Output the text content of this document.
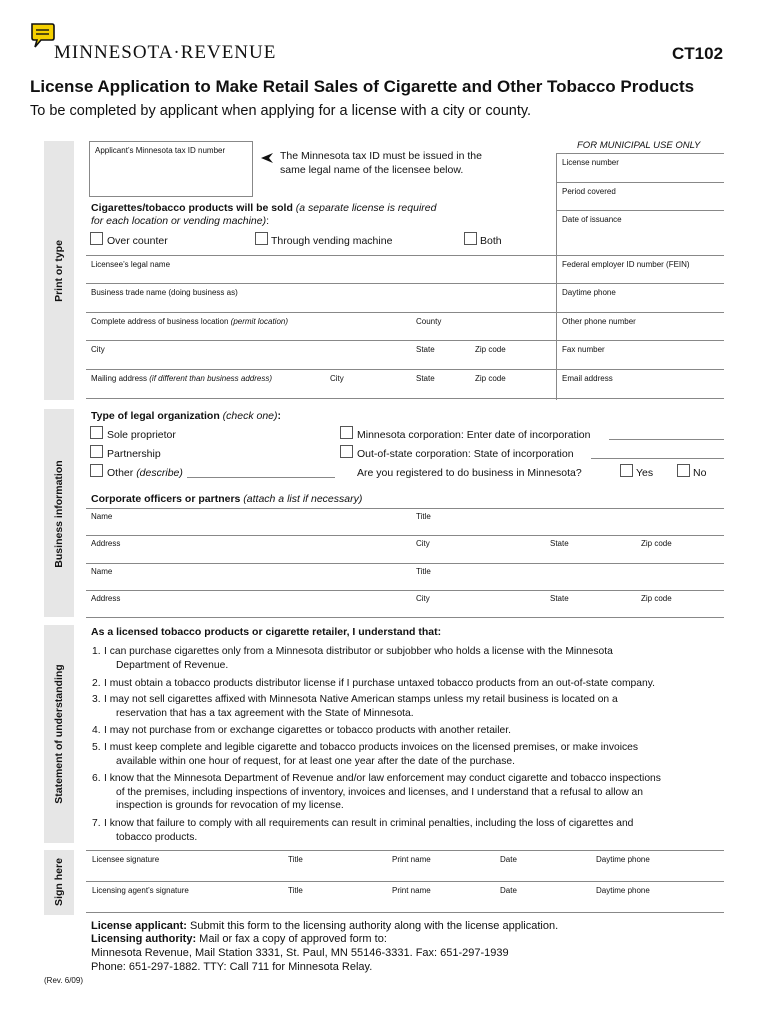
MINNESOTA·REVENUE	CT102
License Application to Make Retail Sales of Cigarette and Other Tobacco Products
To be completed by applicant when applying for a license with a city or county.
Print or type
Business information
Statement of understanding
Sign here
Applicant’s Minnesota tax ID number	The Minnesota tax ID must be issued in the
same legal name of the licensee below.
Cigarettes/tobacco products will be sold (a separate license is required
for each location or vending machine):
Over counter	Through vending machine	Both
FOR MUNICIPAL USE ONLY
License number
Period covered
Date of issuance
Licensee’s legal name	Federal employer ID number (FEIN)
Business trade name (doing business as)	Daytime phone
Complete address of business location (permit location)	County	Other phone number
City	State	Zip code	Fax number
Mailing address (if different than business address)	City	State	Zip code	Email address
Type of legal organization (check one):
Sole proprietor
Partnership
Other (describe)
Minnesota corporation: Enter date of incorporation
Out-of-state corporation: State of incorporation
Are you registered to do business in Minnesota?	Yes	No
Corporate officers or partners (attach a list if necessary)
Name	Title
Address	City	State	Zip code
Name	Title
Address	City	State	Zip code
As a licensed tobacco products or cigarette retailer, I understand that:
1. I can purchase cigarettes only from a Minnesota distributor or subjobber who holds a license with the Minnesota
Department of Revenue.
2. I must obtain a tobacco products distributor license if I purchase untaxed tobacco products from an out-of-state company.
3. I may not sell cigarettes affixed with Minnesota Native American stamps unless my retail business is located on a
reservation that has a tax agreement with the State of Minnesota.
4. I may not purchase from or exchange cigarettes or tobacco products with another retailer.
5. I must keep complete and legible cigarette and tobacco products invoices on the licensed premises, or make invoices
available within one hour of request, for at least one year after the date of the purchase.
6. I know that the Minnesota Department of Revenue and/or law enforcement may conduct cigarette and tobacco inspections
of the premises, including inspections of inventory, invoices and licenses, and I understand that a refusal to allow an
inspection is grounds for revocation of my license.
7. I know that failure to comply with all requirements can result in criminal penalties, including the loss of cigarettes and
tobacco products.
Licensee signature	Title	Print name	Date	Daytime phone
Licensing agent’s signature	Title	Print name	Date	Daytime phone
License applicant: Submit this form to the licensing authority along with the license application.
Licensing authority: Mail or fax a copy of approved form to:
Minnesota Revenue, Mail Station 3331, St. Paul, MN 55146-3331. Fax: 651-297-1939
Phone: 651-297-1882. TTY: Call 711 for Minnesota Relay.
(Rev. 6/09)
